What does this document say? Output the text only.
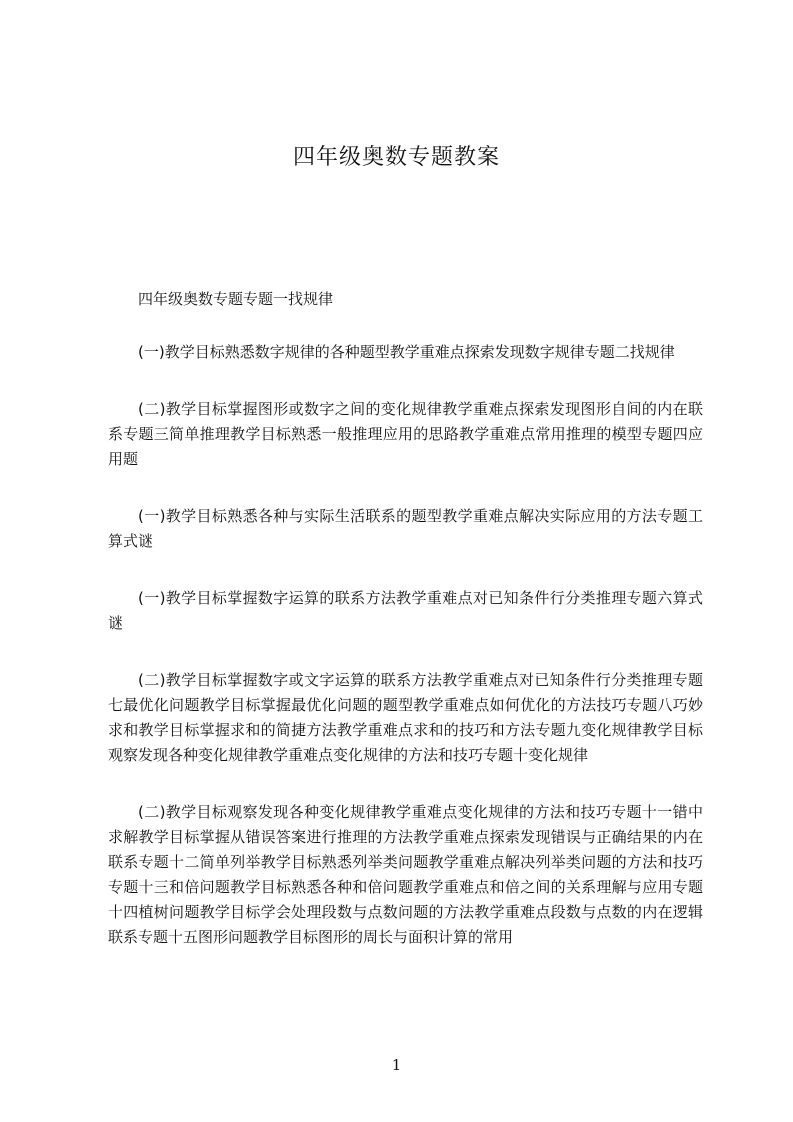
四年级奥数专题教案

四年级奥数专题专题一找规律

(一)教学目标熟悉数字规律的各种题型教学重难点探索发现数字规律专题二找规律

(二)教学目标掌握图形或数字之间的变化规律教学重难点探索发现图形自间的内在联系专题三简单推理教学目标熟悉一般推理应用的思路教学重难点常用推理的模型专题四应用题

(一)教学目标熟悉各种与实际生活联系的题型教学重难点解决实际应用的方法专题工算式谜

(一)教学目标掌握数字运算的联系方法教学重难点对已知条件行分类推理专题六算式谜

(二)教学目标掌握数字或文字运算的联系方法教学重难点对已知条件行分类推理专题七最优化问题教学目标掌握最优化问题的题型教学重难点如何优化的方法技巧专题八巧妙求和教学目标掌握求和的简捷方法教学重难点求和的技巧和方法专题九变化规律教学目标观察发现各种变化规律教学重难点变化规律的方法和技巧专题十变化规律

(二)教学目标观察发现各种变化规律教学重难点变化规律的方法和技巧专题十一错中求解教学目标掌握从错误答案进行推理的方法教学重难点探索发现错误与正确结果的内在联系专题十二简单列举教学目标熟悉列举类问题教学重难点解决列举类问题的方法和技巧专题十三和倍问题教学目标熟悉各种和倍问题教学重难点和倍之间的关系理解与应用专题十四植树问题教学目标学会处理段数与点数问题的方法教学重难点段数与点数的内在逻辑联系专题十五图形问题教学目标图形的周长与面积计算的常用

1
